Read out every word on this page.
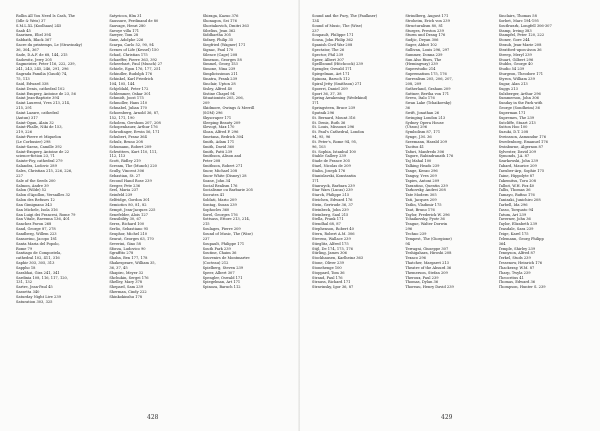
Rollin All You Need Is Cash, The
(Idle & Weis) 37
S.M.L.XL (Koolhaas) 245
Saab 45
Saarinen, Eliel 394
Sabbath, Black 367
Sacre du printemps, Le (Stravinsky)
36, 304, 367
Sade, D.A.F. de 68, 144, 215
Sadowitz, Jerry 205
Sagmeister, Peter 116, 222, 239,
241, 243, 245, 246, 291, 296
Sagrada Familia (Gaudi) 74,
75, 113
Said, Edward 338
Saint Denis, cathedral 102
Saint Exupery, Antoine de 23, 56
Saint Jean-Baptiste 394
Saint Laurent, Yves 213, 214,
215, 291
Saint Lazare, cathedral
(Autun) 317
Saint-Ogan, Alain 32
Saint-Phalle, Niki de 153,
219, 226
Saint-Pierre et Miquelon
(Le Corbusier) 298
Saint-Saens, Camille 392
Saint-Exupery, Antoine de 22
science-fiction 23, 71
Sainte-Foy, cathedral 279
Salandra, Lodovic 289
Sales, Christian 215, 226, 226,
227
Sale of the Seeds 200
Salmon, Andre 39
Salon (Wilde) 52
Salon d'Apollon, Versailles 32
Salon des Refuses 12
San Gimignano 343
San Michele, Isola 316
San Luigi dei Francesi, Rome 79
San Vitale, Ravenna 136, 401
Sanchez Pavon 268
Sand, George 87, 278
Sandberg, Willem 223
Sansovino, Jacopo 181
Santa Maria del Popolo,
Rome 79
Santiago de Compostela,
cathedral 102, 411, 316
Saphir 303, 305, 313
Sappho 18
Sarabhai, Gira 241, 341
Sardinia 108, 116, 117, 120,
131, 132
Sartre, Jean-Paul 45
Sassetta 340
Saturday Night Live 239
Saturation 303, 325
Satyricon, film 31
Saussure, Ferdinand de 80
Sauvage, Henri 280
Savoye villa 171
Sawyer, Tom 28
Saxe, Adolphe 226
Scarpa, Carlo 52, 90, 94
Scenes of Life (Kessel) 150
Schad, Christian 175
Schaeffer, Pierre 363, 392
Scheerbart, Paul (Munch) 27
Schiele, Egon 176, 177, 251
Schindler, Rudolph 176
Schinkel, Karl Friedrich
104, 105, 144
Schjeldahl, Peter 172
Schlemmer, Oskar 301
Schmidt, Joost 175
Schmoller, Hans 210
Schnabel, Julian 170
Schoenberg, Arnold 36, 87,
152, 171, 190
Scholem, Gershom 207, 208
Schopenhauer, Arthur 176
Schrodinger, Erwin 56, 171
Schubert, Franz 364
Schulz, Bruno 208
Schumann, Robert 209
Schwitters, Kurt 110, 111,
112, 113
Scott, Ridley 219
Scream, The (Munch) 220
Scully, Vincent 306
Sebastian, St. 27
Second Hand Rose 239
Seeger, Pete 236
Seel, Maria 237
Seinfeld 239
Selfridge, Gordon 301
Semiotics 80, 81, 82
Sempé, Jean-Jacques 225
Senefelder, Alois 127
Sensibility 30, 67
Serra, Richard 100
Serlio, Sebastiano 95
Seuphor, Michel 210
Seurat, Georges 63, 170
Severini, Gino 58
Sforza, Ludovico 90
Sgraffito 278
Shahn, Ben 177, 178
Shakespeare, William 35,
36, 37, 45
Shapiro, Meyer 32
Shchukin, Sergei 176
Shelley, Mary 378
Shepard, Sam 239
Sherman, Cindy 222
Shinkokinshu 178
Shiraga, Kazuo 376
Shonagon, Sei 176
Shostakovich, Dmitri 363
Sibelius, Jean 362
Siddhartha 305
Sidney, Philip 35
Siegfried (Wagner) 171
Signac, Paul 170
Silence (Cage) 208
Simenon, Georges 58
Simmel, Georg 153
Simone, Nina 239
Simplicissimus 211
Sinatra, Frank 239
Sinclair, Upton 28
Sisley, Alfred 40
Sistine Chapel 94
Situationists 205, 206,
209
Skidmore, Owings & Merrill
(SOM) 296
Skyscraper 171
Sleeping Beauty 209
Slevogt, Max 170
Sloan, Alfred P. 296
Smetana, Bedrich 304
Smith, Adam 171
Smith, David 360
Smith, Patti 239
Smithson, Alison and
Peter 208
Smithson, Robert 271
Snow, Michael 208
Snow White (Disney) 28
Soane, John 34
Social Realism 176
Socialisme ou Barbarie 205
Socrates 41
Soldati, Mario 209
Sontag, Susan 239
Sophocles 360
Sorel, Georges 176
Sottsass, Ettore 213, 214,
215
Soulages, Pierre 209
Sound of Music, The (Wise)
237
Soupault, Philippe 171
South Park 239
Soutine, Chaim 36
Souvenirs de Montmartre
(Cocteau) 212
Spielberg, Steven 239
Speer, Albert 307
Spengler, Oswald 171
Spiegelman, Art 171
Spinoza, Baruch 112
428
Sound and the Fury, The (Faulkner)
134
Sound of Music, The (Wise)
237
Soupault, Philippe 171
Sousa, John Philip 362
Spanish Civil War 208
Spectator, The 26
Spector, Phil 239
Speer, Albert 307
Spellbound (Hitchcock) 239
Spengler, Oswald 171
Spiegelman, Art 171
Spinoza, Baruch 112
Spiral Jetty (Smithson) 271
Spoerri, Daniel 209
Sport 36, 37, 38
Spring Awakening (Wedekind)
171
Springsteen, Bruce 239
Sputnik 296
St. Bernard, Mount 316
St. Denis, Ruth 36
St. Louis, Missouri 296
St. Paul's Cathedral, London
94, 95, 96
St. Peter's, Rome 94, 95,
96, 103
St. Sophia, Istanbul 100
Stable Gallery 239
Stade de France 305
Stael, Nicolas de 209
Stalin, Joseph 176
Stanislavski, Konstantin
171
Stanwyck, Barbara 239
Star Wars (Lucas) 239
Starck, Philippe 215
Steichen, Edward 176
Stein, Gertrude 36, 37
Steinbeck, John 239
Steinberg, Saul 215
Stella, Frank 171
Stendhal 68, 87
Stephenson, Robert 40
Stern, Robert A.M. 306
Stevens, Wallace 239
Stieglitz, Alfred 175
Stijl, De 174, 175, 176
Stirling, James 306
Stockhausen, Karlheinz 363
Stone, Oliver 239
Stonehenge 100
Stoppard, Tom 36
Strand, Paul 176
Strauss, Richard 171
Stravinsky, Igor 36, 87
Strindberg, August 171
Stroheim, Erich von 239
Structuralism 80, 81
Sturges, Preston 239
Sturm und Drang 176
Sudjic, Deyan 306
Suger, Abbot 102
Sullivan, Louis 296, 297
Summer, Donna 239
Sun Also Rises, The
(Hemingway) 239
Superstudio 214
Suprematism 175, 176
Surrealism 205, 206, 207,
208, 209
Sutherland, Graham 209
Suttner, Bertha von 171
Svevo, Italo 176
Swan Lake (Tchaikovsky)
36
Swift, Jonathan 26
Swinging London 213
Sydney Opera House
(Utzon) 296
Symbolism 87, 171
Synge, J.M. 36
Szeemann, Harald 209
Tacitus 41
Tafuri, Manfredo 306
Tagore, Rabindranath 176
Taj Mahal 100
Talking Heads 239
Tange, Kenzo 296
Tanguy, Yves 209
Tapies, Antoni 209
Tarantino, Quentin 239
Tarkovsky, Andrei 208
Tate Modern 305
Tati, Jacques 209
Tatlin, Vladimir 175
Taut, Bruno 176
Taylor, Frederick W. 296
Tchaikovsky, Pyotr 36
Teague, Walter Dorwin
296
Techno 239
Tempest, The (Giorgione)
94
Terragni, Giuseppe 307
Teshigahara, Hiroshi 208
Texaco 296
Thatcher, Margaret 213
Theatre of the Absurd 36
Themerson, Stefan 209
Theroux, Paul 239
Thomas, Dylan 36
Thoreau, Henry David 239
Sinclairs, Thomas 58
Sorbet, Marc 194-195
Southwark, Longfell 306-307
Stamp, Irving 383
Stampfel, Peter 120, 222
Stoner, Gore 244
Straub, Jean-Marie 208
Stratford-upon-Avon 36
Streep, Meryl 239
Stuart, Gilbert 296
Stubbs, George 40
Studio 54 239
Sturgeon, Theodore 171
Styron, William 239
Sugar, Alan 213
Suggs 213
Sulzberger, Arthur 296
Summerson, John 306
Sunday in the Park with
George (Sondheim) 36
Superman 171
Supremes, The 239
Sutcliffe, Stuart 213
Sutton Hoo 100
Suzuki, D.T. 208
Sveinsson, Asmundur 176
Swedenborg, Emanuel 176
Swinburne, Algernon 87
Sylvester, David 209
Symonds, J.A. 87
Szarkowski, John 239
Tabard, Maurice 209
Taeuber-Arp, Sophie 175
Taine, Hippolyte 87
Takemitsu, Toru 208
Talbot, W.H. Fox 40
Tallis, Thomas 36
Tamayo, Rufino 176
Tanizaki, Junichiro 208
Tarbell, Ida 296
Tasso, Torquato 94
Tatum, Art 239
Taverner, John 36
Taylor, Elizabeth 239
Teasdale, Sara 239
Teige, Karel 175
Telemann, Georg Philipp
364
Temple, Shirley 239
Tennyson, Alfred 87
Terkel, Studs 239
Tessenow, Heinrich 176
Thackeray, W.M. 87
Tharp, Twyla 239
Theocritus 41
Thomas, Edward 36
Thompson, Hunter S. 239
429
